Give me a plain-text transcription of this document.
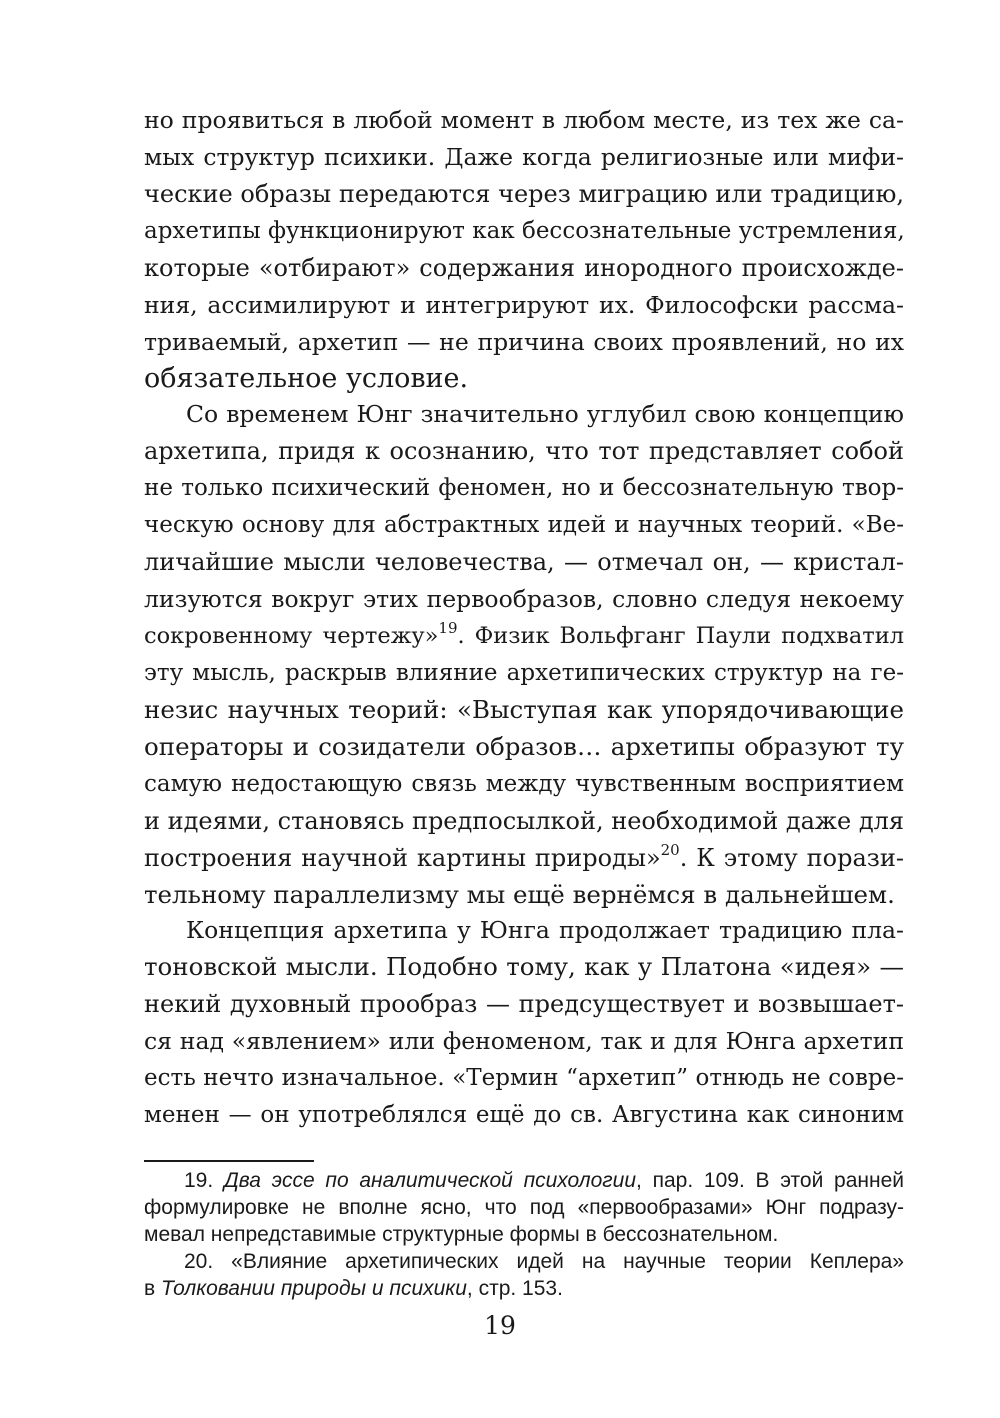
но проявиться в любой момент в любом месте, из тех же са-
мых структур психики. Даже когда религиозные или мифи-
ческие образы передаются через миграцию или традицию,
архетипы функционируют как бессознательные устремления,
которые «отбирают» содержания инородного происхожде-
ния, ассимилируют и интегрируют их. Философски рассма-
триваемый, архетип — не причина своих проявлений, но их
обязательное условие.
Со временем Юнг значительно углубил свою концепцию
архетипа, придя к осознанию, что тот представляет собой
не только психический феномен, но и бессознательную твор-
ческую основу для абстрактных идей и научных теорий. «Ве-
личайшие мысли человечества, — отмечал он, — кристал-
лизуются вокруг этих первообразов, словно следуя некоему
сокровенному чертежу»$^{19}$. Физик Вольфганг Паули подхватил
эту мысль, раскрыв влияние архетипических структур на ге-
незис научных теорий: «Выступая как упорядочивающие
операторы и созидатели образов… архетипы образуют ту
самую недостающую связь между чувственным восприятием
и идеями, становясь предпосылкой, необходимой даже для
построения научной картины природы»$^{20}$. К этому порази-
тельному параллелизму мы ещё вернёмся в дальнейшем.
Концепция архетипа у Юнга продолжает традицию пла-
тоновской мысли. Подобно тому, как у Платона «идея» —
некий духовный прообраз — предсуществует и возвышает-
ся над «явлением» или феноменом, так и для Юнга архетип
есть нечто изначальное. «Термин “архетип” отнюдь не совре-
менен — он употреблялся ещё до св. Августина как синоним
19. Два эссе по аналитической психологии, пар. 109. В этой ранней
формулировке не вполне ясно, что под «первообразами» Юнг подразу-
мевал непредставимые структурные формы в бессознательном.
20. «Влияние архетипических идей на научные теории Кеплера»
в Толковании природы и психики, стр. 153.
19
